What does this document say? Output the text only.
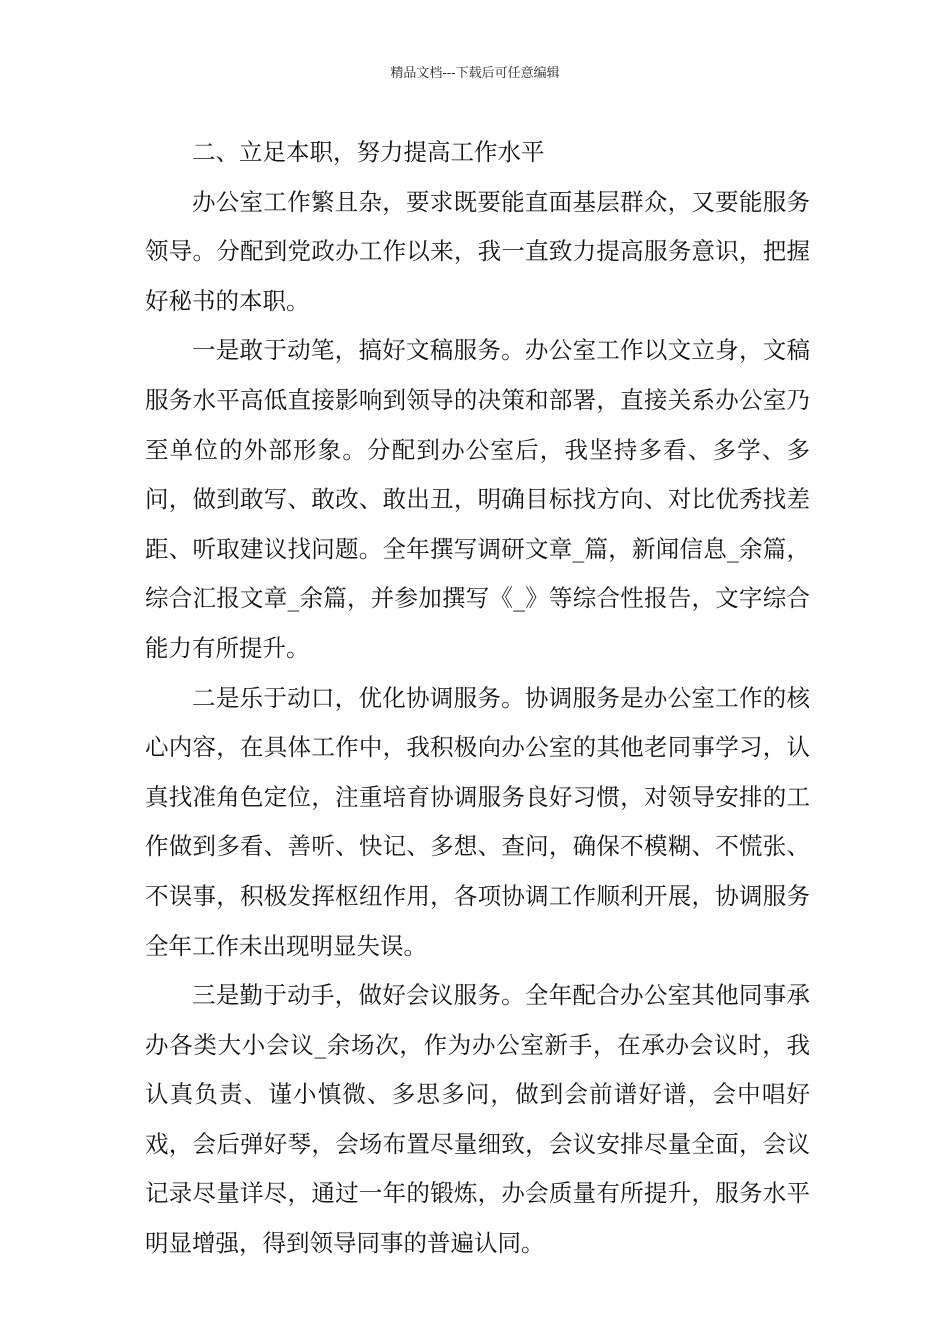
精品文档---下载后可任意编辑

二、立足本职，努力提高工作水平

办公室工作繁且杂，要求既要能直面基层群众，又要能服务领导。分配到党政办工作以来，我一直致力提高服务意识，把握好秘书的本职。

一是敢于动笔，搞好文稿服务。办公室工作以文立身，文稿服务水平高低直接影响到领导的决策和部署，直接关系办公室乃至单位的外部形象。分配到办公室后，我坚持多看、多学、多问，做到敢写、敢改、敢出丑，明确目标找方向、对比优秀找差距、听取建议找问题。全年撰写调研文章_篇，新闻信息_余篇，综合汇报文章_余篇，并参加撰写《_》等综合性报告，文字综合能力有所提升。

二是乐于动口，优化协调服务。协调服务是办公室工作的核心内容，在具体工作中，我积极向办公室的其他老同事学习，认真找准角色定位，注重培育协调服务良好习惯，对领导安排的工作做到多看、善听、快记、多想、查问，确保不模糊、不慌张、不误事，积极发挥枢纽作用，各项协调工作顺利开展，协调服务全年工作未出现明显失误。

三是勤于动手，做好会议服务。全年配合办公室其他同事承办各类大小会议_余场次，作为办公室新手，在承办会议时，我认真负责、谨小慎微、多思多问，做到会前谱好谱，会中唱好戏，会后弹好琴，会场布置尽量细致，会议安排尽量全面，会议记录尽量详尽，通过一年的锻炼，办会质量有所提升，服务水平明显增强，得到领导同事的普遍认同。
